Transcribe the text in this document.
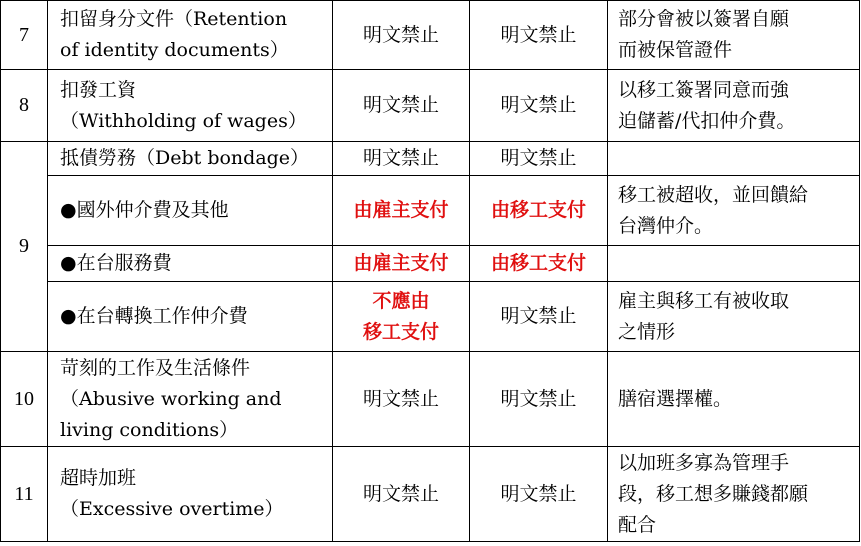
7	扣留身分文件（Retention
of identity documents）	明文禁止	明文禁止	部分會被以簽署自願
而被保管證件

8	扣發工資
（Withholding of wages）	明文禁止	明文禁止	以移工簽署同意而強
迫儲蓄/代扣仲介費。

9	抵債勞務（Debt bondage）	明文禁止	明文禁止	
	●國外仲介費及其他	由雇主支付	由移工支付	移工被超收，並回饋給
台灣仲介。

	●在台服務費	由雇主支付	由移工支付	
	●在台轉換工作仲介費	不應由
移工支付	明文禁止	雇主與移工有被收取
之情形

10	苛刻的工作及生活條件
（Abusive working and
living conditions）	明文禁止	明文禁止	膳宿選擇權。
11	超時加班
（Excessive overtime）	明文禁止	明文禁止	以加班多寡為管理手
段，移工想多賺錢都願
配合
